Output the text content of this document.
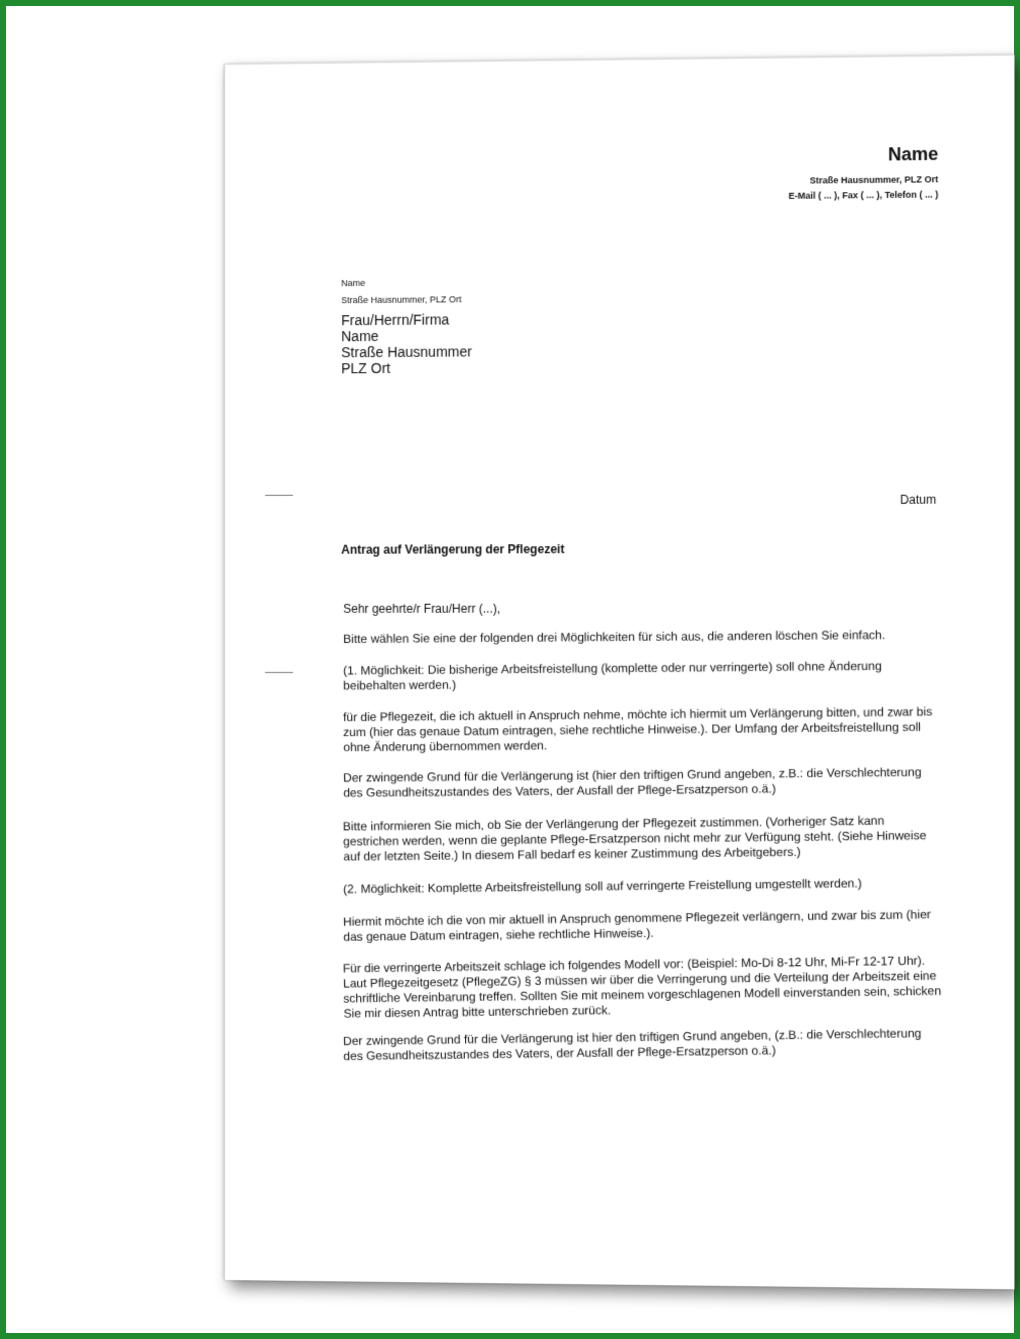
Name
Straße Hausnummer, PLZ Ort
E-Mail ( ... ), Fax ( ... ), Telefon ( ... )
Name
Straße Hausnummer, PLZ Ort
Frau/Herrn/Firma
Name
Straße Hausnummer
PLZ Ort
Datum
Antrag auf Verlängerung der Pflegezeit
Sehr geehrte/r Frau/Herr (...),
Bitte wählen Sie eine der folgenden drei Möglichkeiten für sich aus, die anderen löschen Sie einfach.
(1. Möglichkeit: Die bisherige Arbeitsfreistellung (komplette oder nur verringerte) soll ohne Änderung beibehalten werden.)
für die Pflegezeit, die ich aktuell in Anspruch nehme, möchte ich hiermit um Verlängerung bitten, und zwar bis zum (hier das genaue Datum eintragen, siehe rechtliche Hinweise.). Der Umfang der Arbeitsfreistellung soll ohne Änderung übernommen werden.
Der zwingende Grund für die Verlängerung ist (hier den triftigen Grund angeben, z.B.: die Verschlechterung des Gesundheitszustandes des Vaters, der Ausfall der Pflege-Ersatzperson o.ä.)
Bitte informieren Sie mich, ob Sie der Verlängerung der Pflegezeit zustimmen. (Vorheriger Satz kann gestrichen werden, wenn die geplante Pflege-Ersatzperson nicht mehr zur Verfügung steht. (Siehe Hinweise auf der letzten Seite.) In diesem Fall bedarf es keiner Zustimmung des Arbeitgebers.)
(2. Möglichkeit: Komplette Arbeitsfreistellung soll auf verringerte Freistellung umgestellt werden.)
Hiermit möchte ich die von mir aktuell in Anspruch genommene Pflegezeit verlängern, und zwar bis zum (hier das genaue Datum eintragen, siehe rechtliche Hinweise.).
Für die verringerte Arbeitszeit schlage ich folgendes Modell vor: (Beispiel: Mo-Di 8-12 Uhr, Mi-Fr 12-17 Uhr). Laut Pflegezeitgesetz (PflegeZG) § 3 müssen wir über die Verringerung und die Verteilung der Arbeitszeit eine schriftliche Vereinbarung treffen. Sollten Sie mit meinem vorgeschlagenen Modell einverstanden sein, schicken Sie mir diesen Antrag bitte unterschrieben zurück.
Der zwingende Grund für die Verlängerung ist hier den triftigen Grund angeben, (z.B.: die Verschlechterung des Gesundheitszustandes des Vaters, der Ausfall der Pflege-Ersatzperson o.ä.)
